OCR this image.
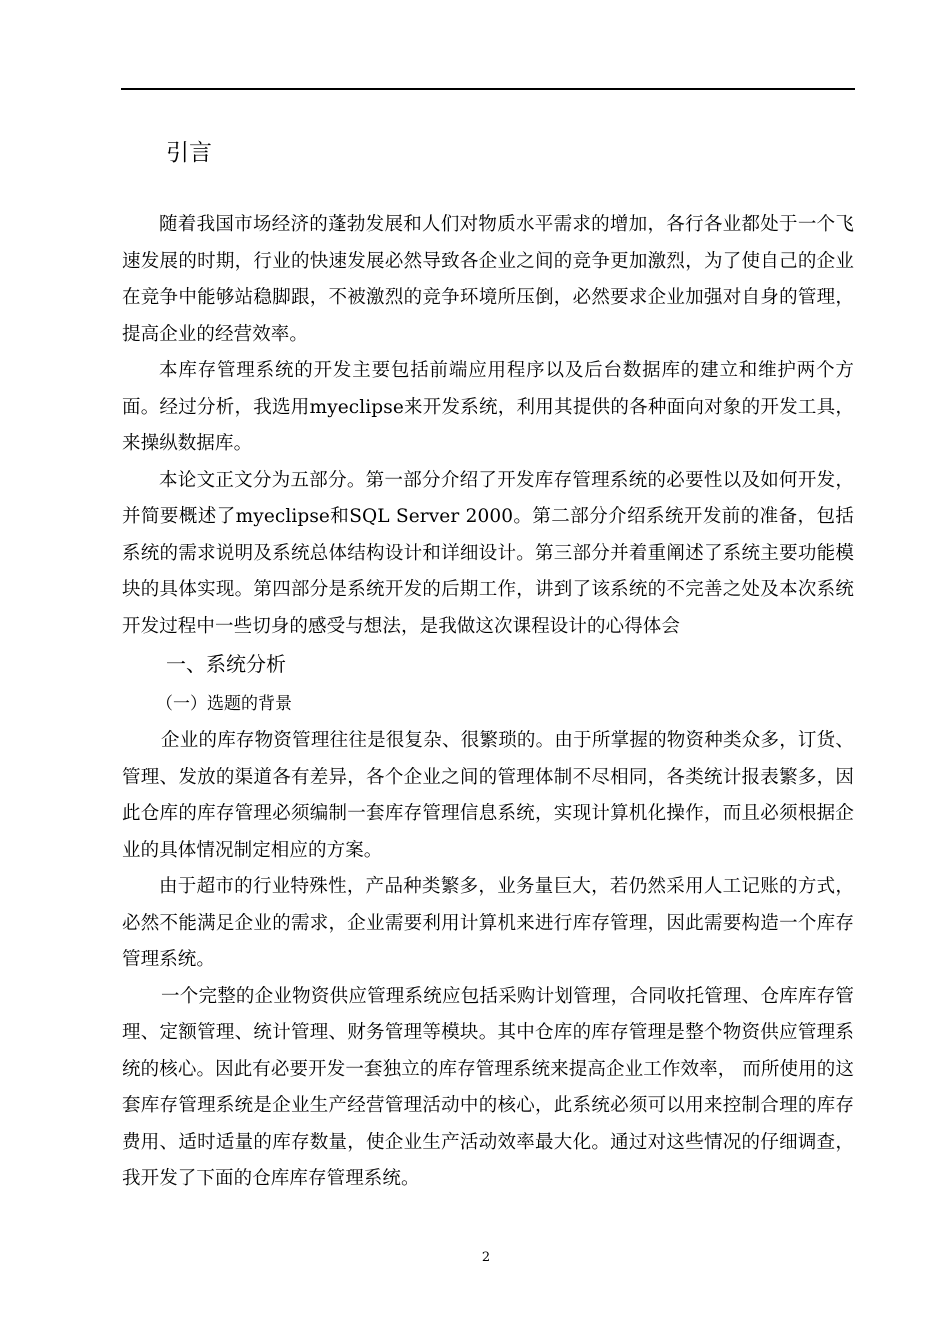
引言

随着我国市场经济的蓬勃发展和人们对物质水平需求的增加，各行各业都处于一个飞速发展的时期，行业的快速发展必然导致各企业之间的竞争更加激烈，为了使自己的企业在竞争中能够站稳脚跟，不被激烈的竞争环境所压倒，必然要求企业加强对自身的管理，提高企业的经营效率。

本库存管理系统的开发主要包括前端应用程序以及后台数据库的建立和维护两个方面。经过分析，我选用myeclipse来开发系统，利用其提供的各种面向对象的开发工具，来操纵数据库。

本论文正文分为五部分。第一部分介绍了开发库存管理系统的必要性以及如何开发，并简要概述了myeclipse和SQL Server 2000。第二部分介绍系统开发前的准备，包括系统的需求说明及系统总体结构设计和详细设计。第三部分并着重阐述了系统主要功能模块的具体实现。第四部分是系统开发的后期工作，讲到了该系统的不完善之处及本次系统开发过程中一些切身的感受与想法，是我做这次课程设计的心得体会

一、系统分析
（一）选题的背景

企业的库存物资管理往往是很复杂、很繁琐的。由于所掌握的物资种类众多，订货、管理、发放的渠道各有差异，各个企业之间的管理体制不尽相同，各类统计报表繁多，因此仓库的库存管理必须编制一套库存管理信息系统，实现计算机化操作，而且必须根据企业的具体情况制定相应的方案。

由于超市的行业特殊性，产品种类繁多，业务量巨大，若仍然采用人工记账的方式，必然不能满足企业的需求，企业需要利用计算机来进行库存管理，因此需要构造一个库存管理系统。

一个完整的企业物资供应管理系统应包括采购计划管理，合同收托管理、仓库库存管理、定额管理、统计管理、财务管理等模块。其中仓库的库存管理是整个物资供应管理系统的核心。因此有必要开发一套独立的库存管理系统来提高企业工作效率， 而所使用的这套库存管理系统是企业生产经营管理活动中的核心，此系统必须可以用来控制合理的库存费用、适时适量的库存数量，使企业生产活动效率最大化。通过对这些情况的仔细调查，我开发了下面的仓库库存管理系统。

2
